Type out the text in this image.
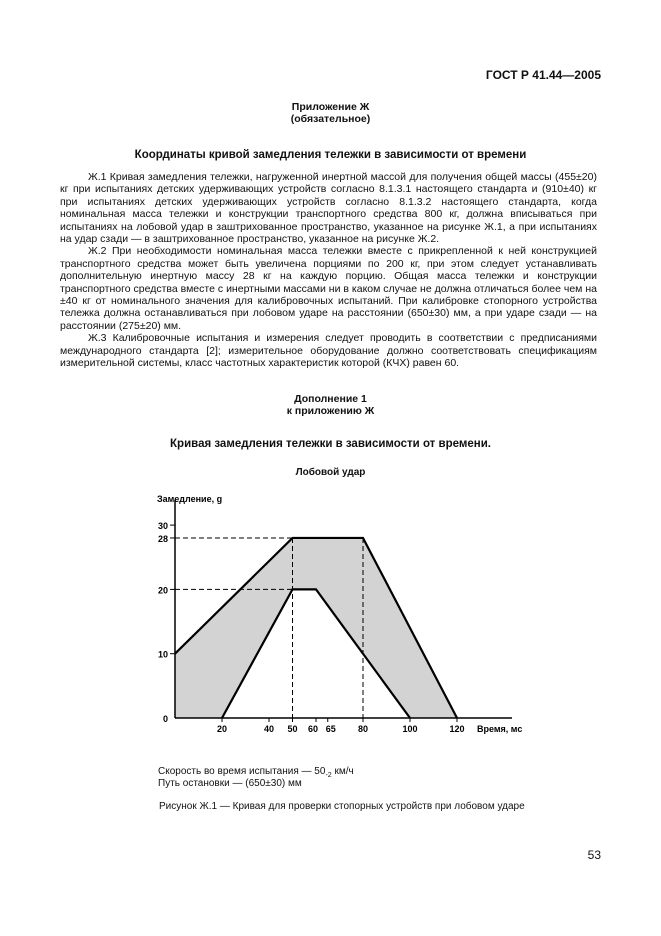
ГОСТ Р 41.44—2005
Приложение Ж
(обязательное)
Координаты кривой замедления тележки в зависимости от времени

Ж.1 Кривая замедления тележки, нагруженной инертной массой для получения общей массы (455±20) кг при испытаниях детских удерживающих устройств согласно 8.1.3.1 настоящего стандарта и (910±40) кг при испытаниях детских удерживающих устройств согласно 8.1.3.2 настоящего стандарта, когда номинальная масса тележки и конструкции транспортного средства 800 кг, должна вписываться при испытаниях на лобовой удар в заштрихованное пространство, указанное на рисунке Ж.1, а при испытаниях на удар сзади — в заштрихованное пространство, указанное на рисунке Ж.2.

Ж.2 При необходимости номинальная масса тележки вместе с прикрепленной к ней конструкцией транспортного средства может быть увеличена порциями по 200 кг, при этом следует устанавливать дополнительную инертную массу 28 кг на каждую порцию. Общая масса тележки и конструкции транспортного средства вместе с инертными массами ни в каком случае не должна отличаться более чем на ±40 кг от номинального значения для калибровочных испытаний. При калибровке стопорного устройства тележка должна останавливаться при лобовом ударе на расстоянии (650±30) мм, а при ударе сзади — на расстоянии (275±20) мм.

Ж.3 Калибровочные испытания и измерения следует проводить в соответствии с предписаниями международного стандарта [2]; измерительное оборудование должно соответствовать спецификациям измерительной системы, класс частотных характеристик которой (КЧХ) равен 60.

Дополнение 1
к приложению Ж
Кривая замедления тележки в зависимости от времени.
Лобовой удар
0
10
20
28
30
20	40 50 60 65 80	100	120
Замедление, g
Время, мс
Скорость во время испытания — $50_{-2}$ км/ч
Путь остановки — (650±30) мм
Рисунок Ж.1 — Кривая для проверки стопорных устройств при лобовом ударе
53
